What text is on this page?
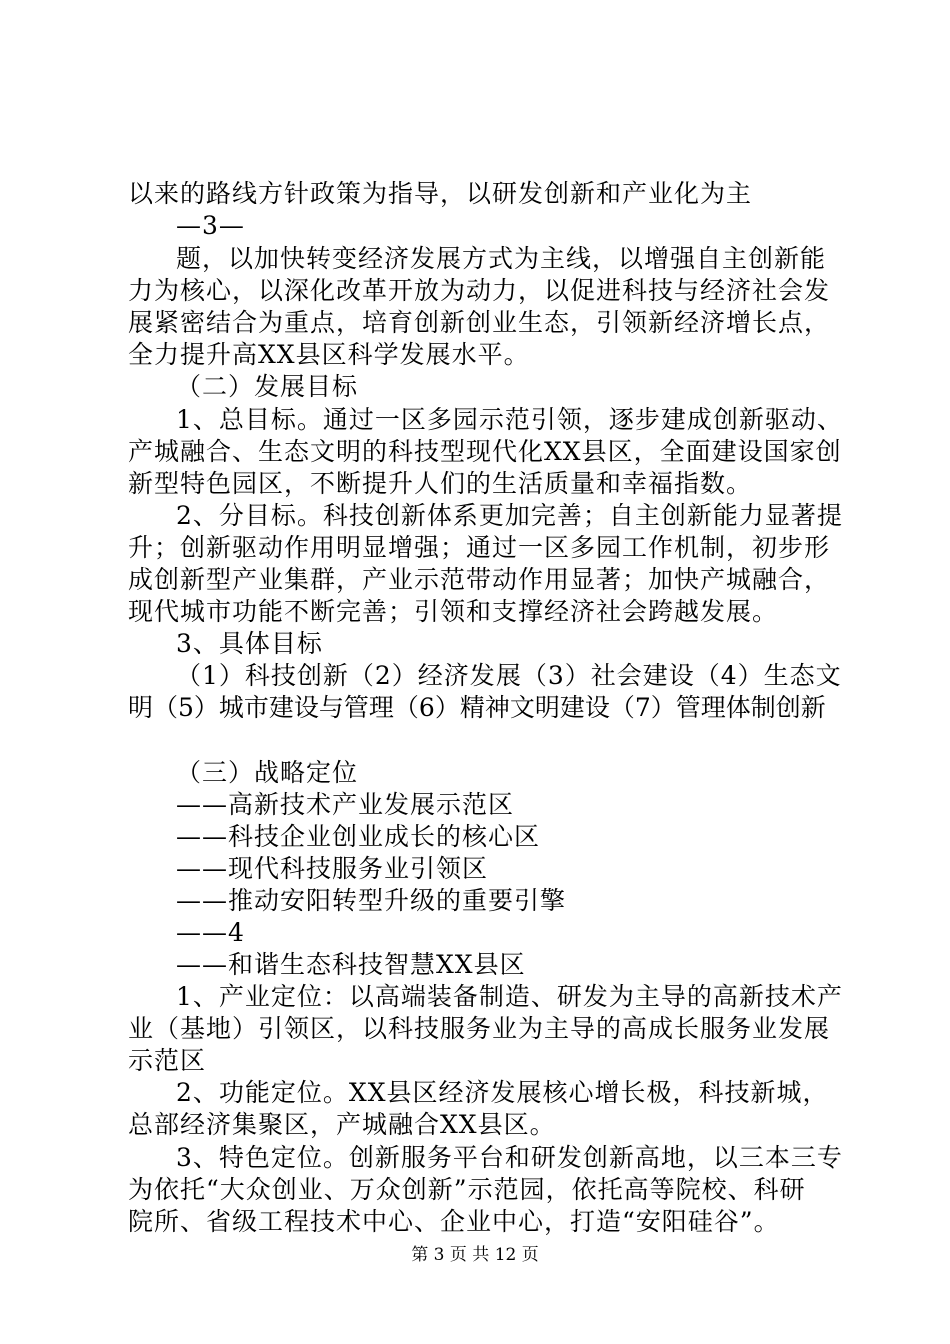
以来的路线方针政策为指导，以研发创新和产业化为主
—3—
题，以加快转变经济发展方式为主线，以增强自主创新能
力为核心，以深化改革开放为动力，以促进科技与经济社会发
展紧密结合为重点，培育创新创业生态，引领新经济增长点，
全力提升高XX县区科学发展水平。
（二）发展目标
1、总目标。通过一区多园示范引领，逐步建成创新驱动、
产城融合、生态文明的科技型现代化XX县区，全面建设国家创
新型特色园区，不断提升人们的生活质量和幸福指数。
2、分目标。科技创新体系更加完善；自主创新能力显著提
升；创新驱动作用明显增强；通过一区多园工作机制，初步形
成创新型产业集群，产业示范带动作用显著；加快产城融合，
现代城市功能不断完善；引领和支撑经济社会跨越发展。
3、具体目标
（1）科技创新（2）经济发展（3）社会建设（4）生态文
明（5）城市建设与管理（6）精神文明建设（7）管理体制创新
（三）战略定位
——高新技术产业发展示范区
——科技企业创业成长的核心区
——现代科技服务业引领区
——推动安阳转型升级的重要引擎
——4
——和谐生态科技智慧XX县区
1、产业定位：以高端装备制造、研发为主导的高新技术产
业（基地）引领区，以科技服务业为主导的高成长服务业发展
示范区
2、功能定位。XX县区经济发展核心增长极，科技新城，
总部经济集聚区，产城融合XX县区。
3、特色定位。创新服务平台和研发创新高地，以三本三专
为依托“大众创业、万众创新”示范园，依托高等院校、科研
院所、省级工程技术中心、企业中心，打造“安阳硅谷”。
第 3 页 共 12 页
